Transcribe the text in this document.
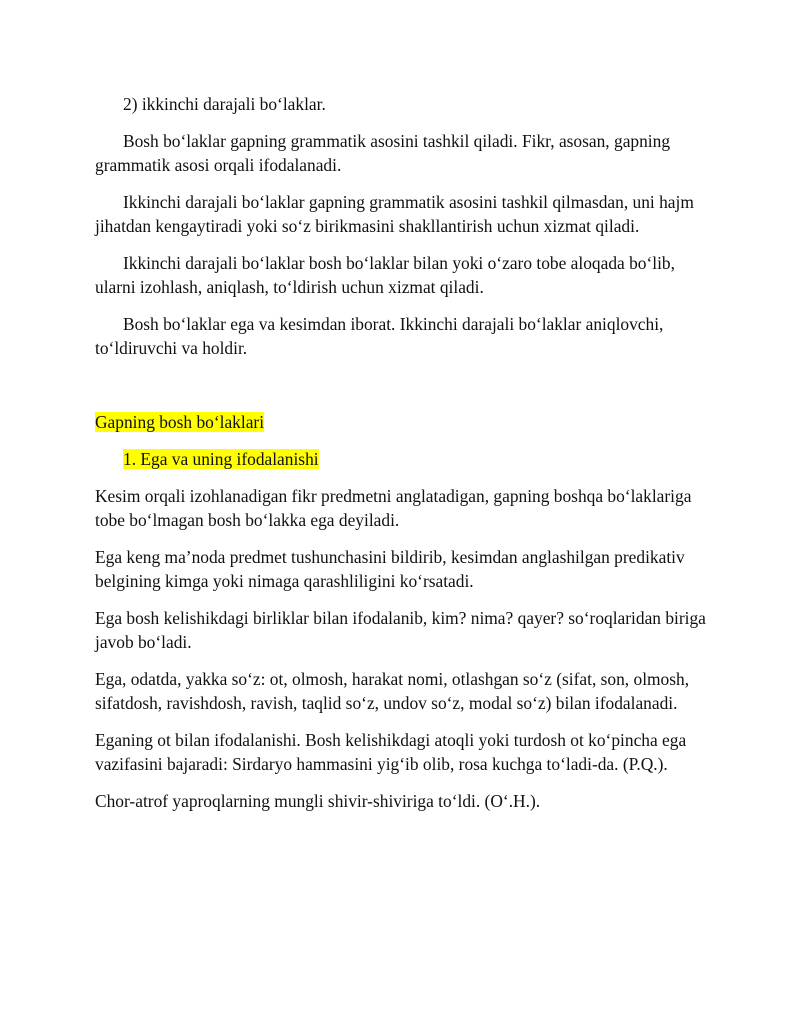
2) ikkinchi darajali bo‘laklar.

Bosh bo‘laklar gapning grammatik asosini tashkil qiladi. Fikr, asosan, gapning grammatik asosi orqali ifodalanadi.

Ikkinchi darajali bo‘laklar gapning grammatik asosini tashkil qilmasdan, uni hajm jihatdan kengaytiradi yoki so‘z birikmasini shakllantirish uchun xizmat qiladi.

Ikkinchi darajali bo‘laklar bosh bo‘laklar bilan yoki o‘zaro tobe aloqada bo‘lib, ularni izohlash, aniqlash, to‘ldirish uchun xizmat qiladi.

Bosh bo‘laklar ega va kesimdan iborat. Ikkinchi darajali bo‘laklar aniqlovchi, to‘ldiruvchi va holdir.

Gapning bosh bo‘laklari
1. Ega va uning ifodalanishi

Kesim orqali izohlanadigan fikr predmetni anglatadigan, gapning boshqa bo‘laklariga tobe bo‘lmagan bosh bo‘lakka ega deyiladi.

Ega keng ma’noda predmet tushunchasini bildirib, kesimdan anglashilgan predikativ belgining kimga yoki nimaga qarashliligini ko‘rsatadi.

Ega bosh kelishikdagi birliklar bilan ifodalanib, kim? nima? qayer? so‘roqlaridan biriga javob bo‘ladi.

Ega, odatda, yakka so‘z: ot, olmosh, harakat nomi, otlashgan so‘z (sifat, son, olmosh, sifatdosh, ravishdosh, ravish, taqlid so‘z, undov so‘z, modal so‘z) bilan ifodalanadi.

Eganing ot bilan ifodalanishi. Bosh kelishikdagi atoqli yoki turdosh ot ko‘pincha ega vazifasini bajaradi: Sirdaryo hammasini yig‘ib olib, rosa kuchga to‘ladi-da. (P.Q.).

Chor-atrof yaproqlarning mungli shivir-shiviriga to‘ldi. (O‘.H.).
